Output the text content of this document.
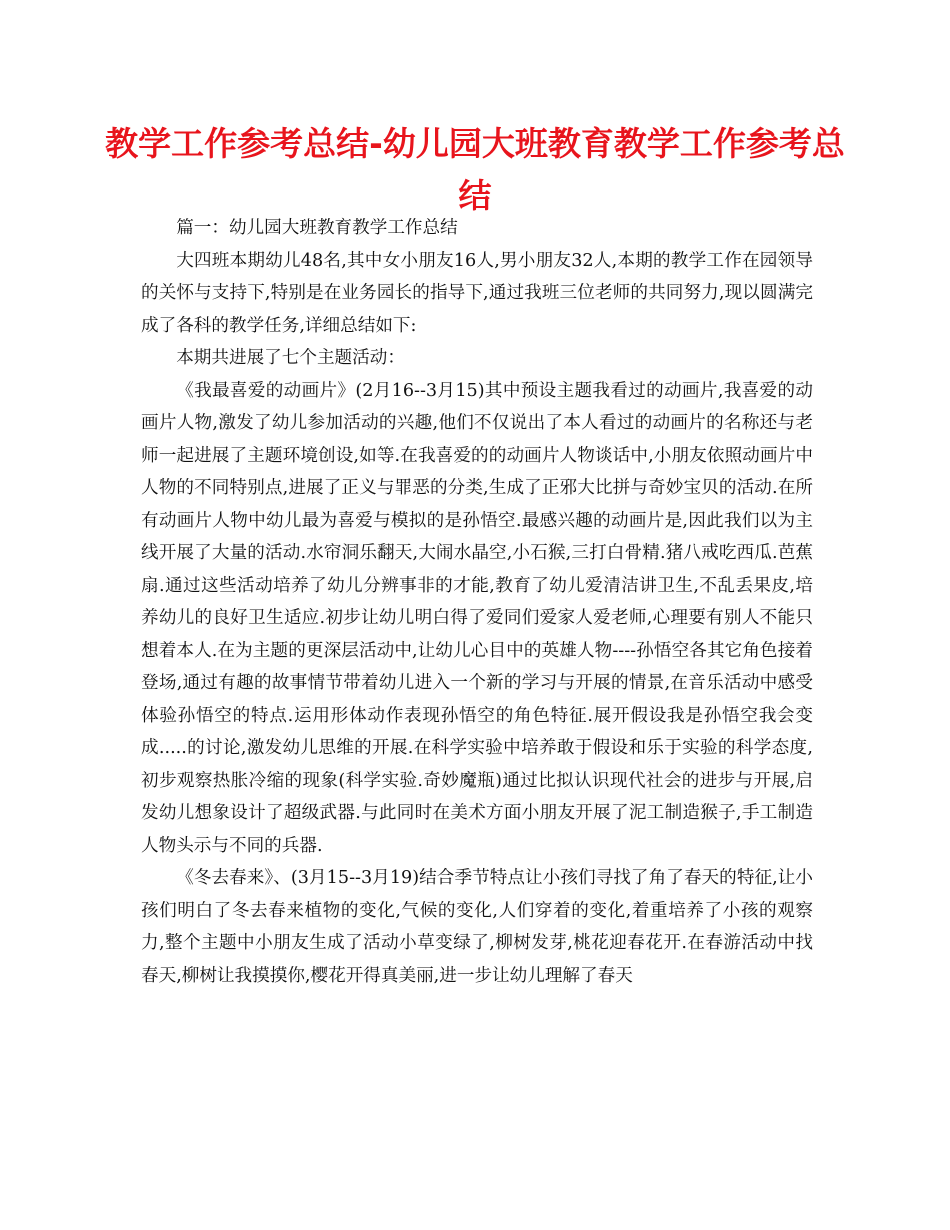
教学工作参考总结-幼儿园大班教育教学工作参考总结

篇一：幼儿园大班教育教学工作总结

大四班本期幼儿48名,其中女小朋友16人,男小朋友32人,本期的教学工作在园领导的关怀与支持下,特别是在业务园长的指导下,通过我班三位老师的共同努力,现以圆满完成了各科的教学任务,详细总结如下:

本期共进展了七个主题活动：

《我最喜爱的动画片》(2月16--3月15)其中预设主题我看过的动画片,我喜爱的动画片人物,激发了幼儿参加活动的兴趣,他们不仅说出了本人看过的动画片的名称还与老师一起进展了主题环境创设,如等.在我喜爱的的动画片人物谈话中,小朋友依照动画片中人物的不同特别点,进展了正义与罪恶的分类,生成了正邪大比拼与奇妙宝贝的活动.在所有动画片人物中幼儿最为喜爱与模拟的是孙悟空.最感兴趣的动画片是,因此我们以为主线开展了大量的活动.水帘洞乐翻天,大闹水晶空,小石猴,三打白骨精.猪八戒吃西瓜.芭蕉扇.通过这些活动培养了幼儿分辨事非的才能,教育了幼儿爱清洁讲卫生,不乱丢果皮,培养幼儿的良好卫生适应.初步让幼儿明白得了爱同们爱家人爱老师,心理要有别人不能只想着本人.在为主题的更深层活动中,让幼儿心目中的英雄人物----孙悟空各其它角色接着登场,通过有趣的故事情节带着幼儿进入一个新的学习与开展的情景,在音乐活动中感受体验孙悟空的特点.运用形体动作表现孙悟空的角色特征.展开假设我是孙悟空我会变成.....的讨论,激发幼儿思维的开展.在科学实验中培养敢于假设和乐于实验的科学态度,初步观察热胀冷缩的现象(科学实验.奇妙魔瓶)通过比拟认识现代社会的进步与开展,启发幼儿想象设计了超级武器.与此同时在美术方面小朋友开展了泥工制造猴子,手工制造人物头示与不同的兵器.

《冬去春来》、(3月15--3月19)结合季节特点让小孩们寻找了角了春天的特征,让小孩们明白了冬去春来植物的变化,气候的变化,人们穿着的变化,着重培养了小孩的观察力,整个主题中小朋友生成了活动小草变绿了,柳树发芽,桃花迎春花开.在春游活动中找春天,柳树让我摸摸你,樱花开得真美丽,进一步让幼儿理解了春天
